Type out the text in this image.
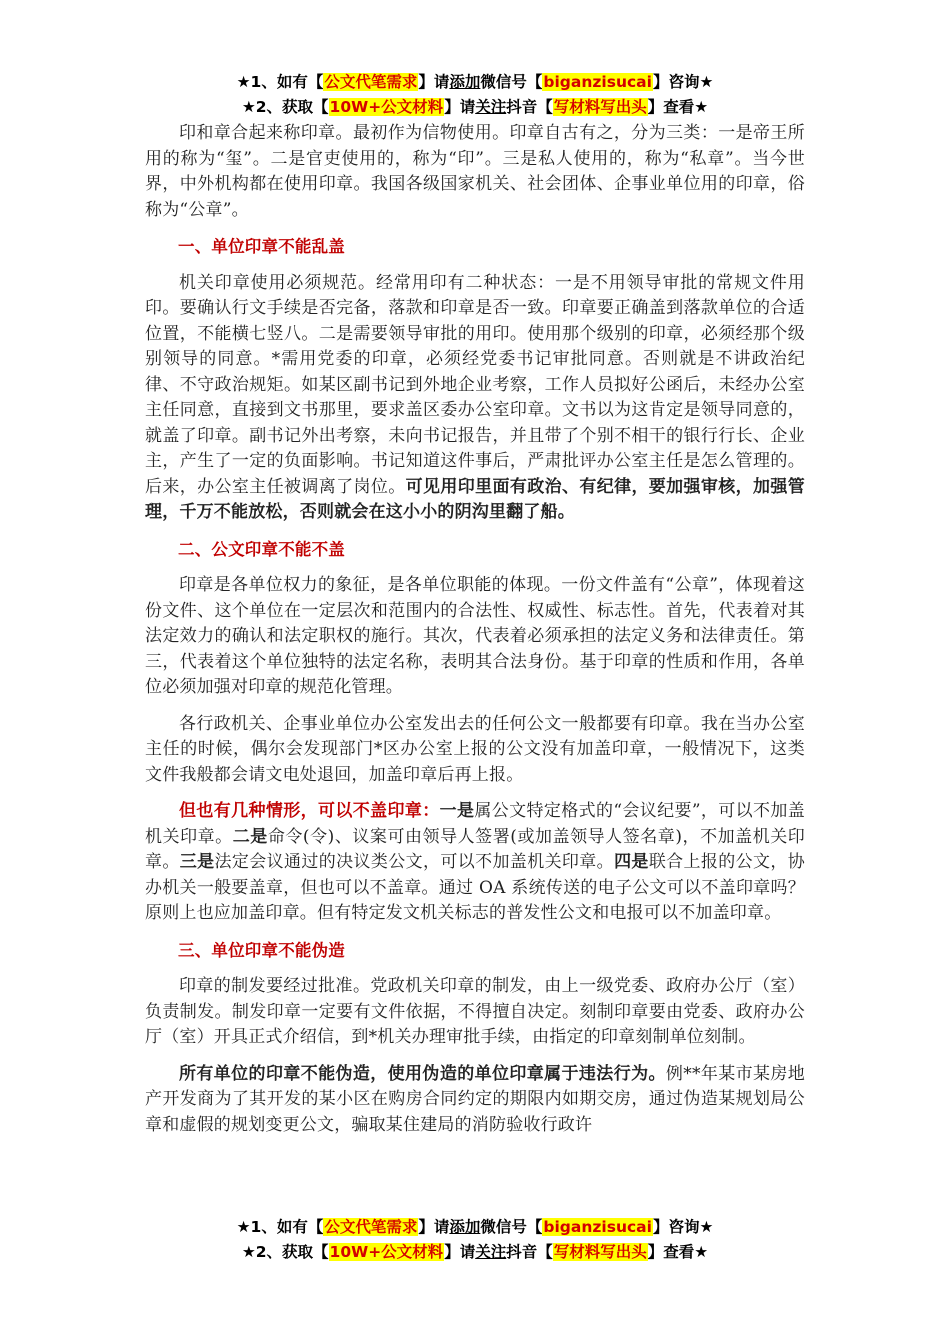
★1、如有【公文代笔需求】请添加微信号【biganzisucai】咨询★
★2、获取【10W+公文材料】请关注抖音【写材料写出头】查看★

印和章合起来称印章。最初作为信物使用。印章自古有之，分为三类：一是帝王所用的称为“玺”。二是官吏使用的，称为“印”。三是私人使用的，称为“私章”。当今世界，中外机构都在使用印章。我国各级国家机关、社会团体、企事业单位用的印章，俗称为“公章”。

一、单位印章不能乱盖

机关印章使用必须规范。经常用印有二种状态：一是不用领导审批的常规文件用印。要确认行文手续是否完备，落款和印章是否一致。印章要正确盖到落款单位的合适位置，不能横七竖八。二是需要领导审批的用印。使用那个级别的印章，必须经那个级别领导的同意。*需用党委的印章，必须经党委书记审批同意。否则就是不讲政治纪律、不守政治规矩。如某区副书记到外地企业考察，工作人员拟好公函后，未经办公室主任同意，直接到文书那里，要求盖区委办公室印章。文书以为这肯定是领导同意的，就盖了印章。副书记外出考察，未向书记报告，并且带了个别不相干的银行行长、企业主，产生了一定的负面影响。书记知道这件事后，严肃批评办公室主任是怎么管理的。后来，办公室主任被调离了岗位。可见用印里面有政治、有纪律，要加强审核，加强管理，千万不能放松，否则就会在这小小的阴沟里翻了船。

二、公文印章不能不盖

印章是各单位权力的象征，是各单位职能的体现。一份文件盖有“公章”，体现着这份文件、这个单位在一定层次和范围内的合法性、权威性、标志性。首先，代表着对其法定效力的确认和法定职权的施行。其次，代表着必须承担的法定义务和法律责任。第三，代表着这个单位独特的法定名称，表明其合法身份。基于印章的性质和作用，各单位必须加强对印章的规范化管理。

各行政机关、企事业单位办公室发出去的任何公文一般都要有印章。我在当办公室主任的时候，偶尔会发现部门*区办公室上报的公文没有加盖印章，一般情况下，这类文件我般都会请文电处退回，加盖印章后再上报。

但也有几种情形，可以不盖印章：一是属公文特定格式的“会议纪要”，可以不加盖机关印章。二是命令(令)、议案可由领导人签署(或加盖领导人签名章)，不加盖机关印章。三是法定会议通过的决议类公文，可以不加盖机关印章。四是联合上报的公文，协办机关一般要盖章，但也可以不盖章。通过 OA 系统传送的电子公文可以不盖印章吗？原则上也应加盖印章。但有特定发文机关标志的普发性公文和电报可以不加盖印章。

三、单位印章不能伪造

印章的制发要经过批准。党政机关印章的制发，由上一级党委、政府办公厅（室）负责制发。制发印章一定要有文件依据，不得擅自决定。刻制印章要由党委、政府办公厅（室）开具正式介绍信，到*机关办理审批手续，由指定的印章刻制单位刻制。

所有单位的印章不能伪造，使用伪造的单位印章属于违法行为。例**年某市某房地产开发商为了其开发的某小区在购房合同约定的期限内如期交房，通过伪造某规划局公章和虚假的规划变更公文，骗取某住建局的消防验收行政许

★1、如有【公文代笔需求】请添加微信号【biganzisucai】咨询★
★2、获取【10W+公文材料】请关注抖音【写材料写出头】查看★
